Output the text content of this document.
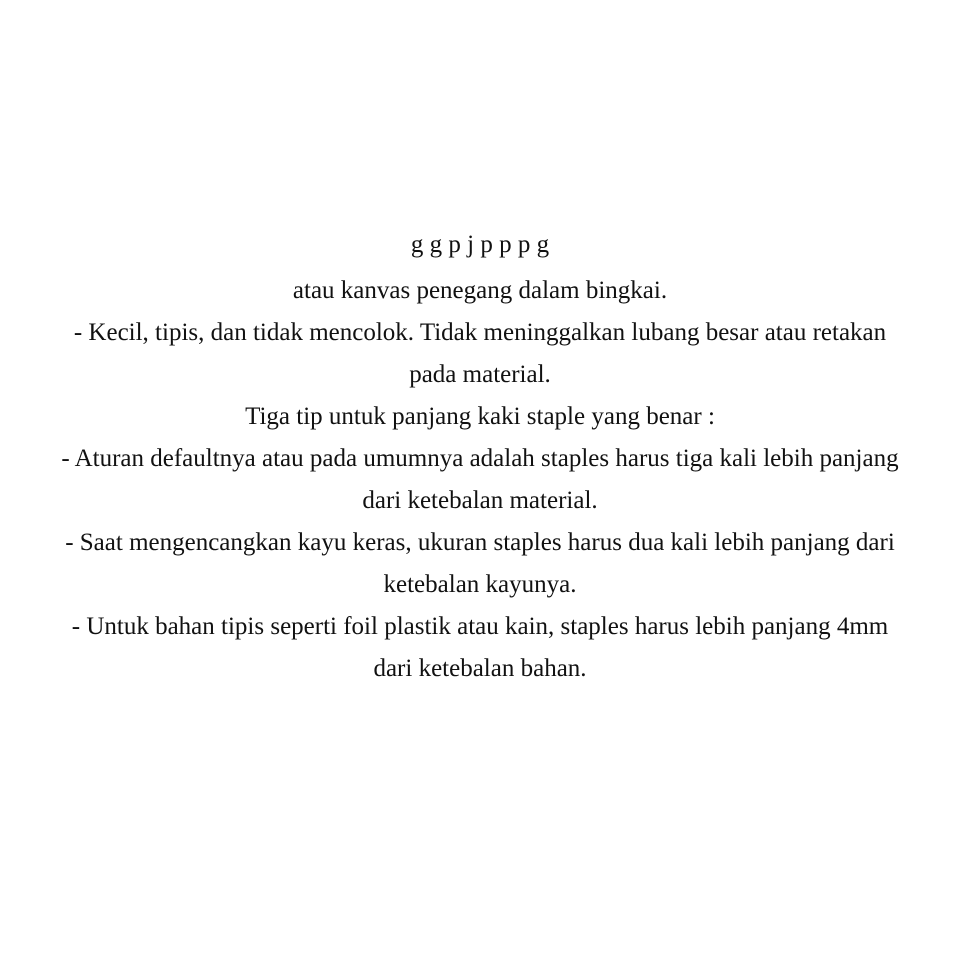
g g p j p p p g
atau kanvas penegang dalam bingkai.
- Kecil, tipis, dan tidak mencolok. Tidak meninggalkan lubang besar atau retakan
pada material.
Tiga tip untuk panjang kaki staple yang benar :
- Aturan defaultnya atau pada umumnya adalah staples harus tiga kali lebih panjang
dari ketebalan material.
- Saat mengencangkan kayu keras, ukuran staples harus dua kali lebih panjang dari
ketebalan kayunya.
- Untuk bahan tipis seperti foil plastik atau kain, staples harus lebih panjang 4mm
dari ketebalan bahan.
